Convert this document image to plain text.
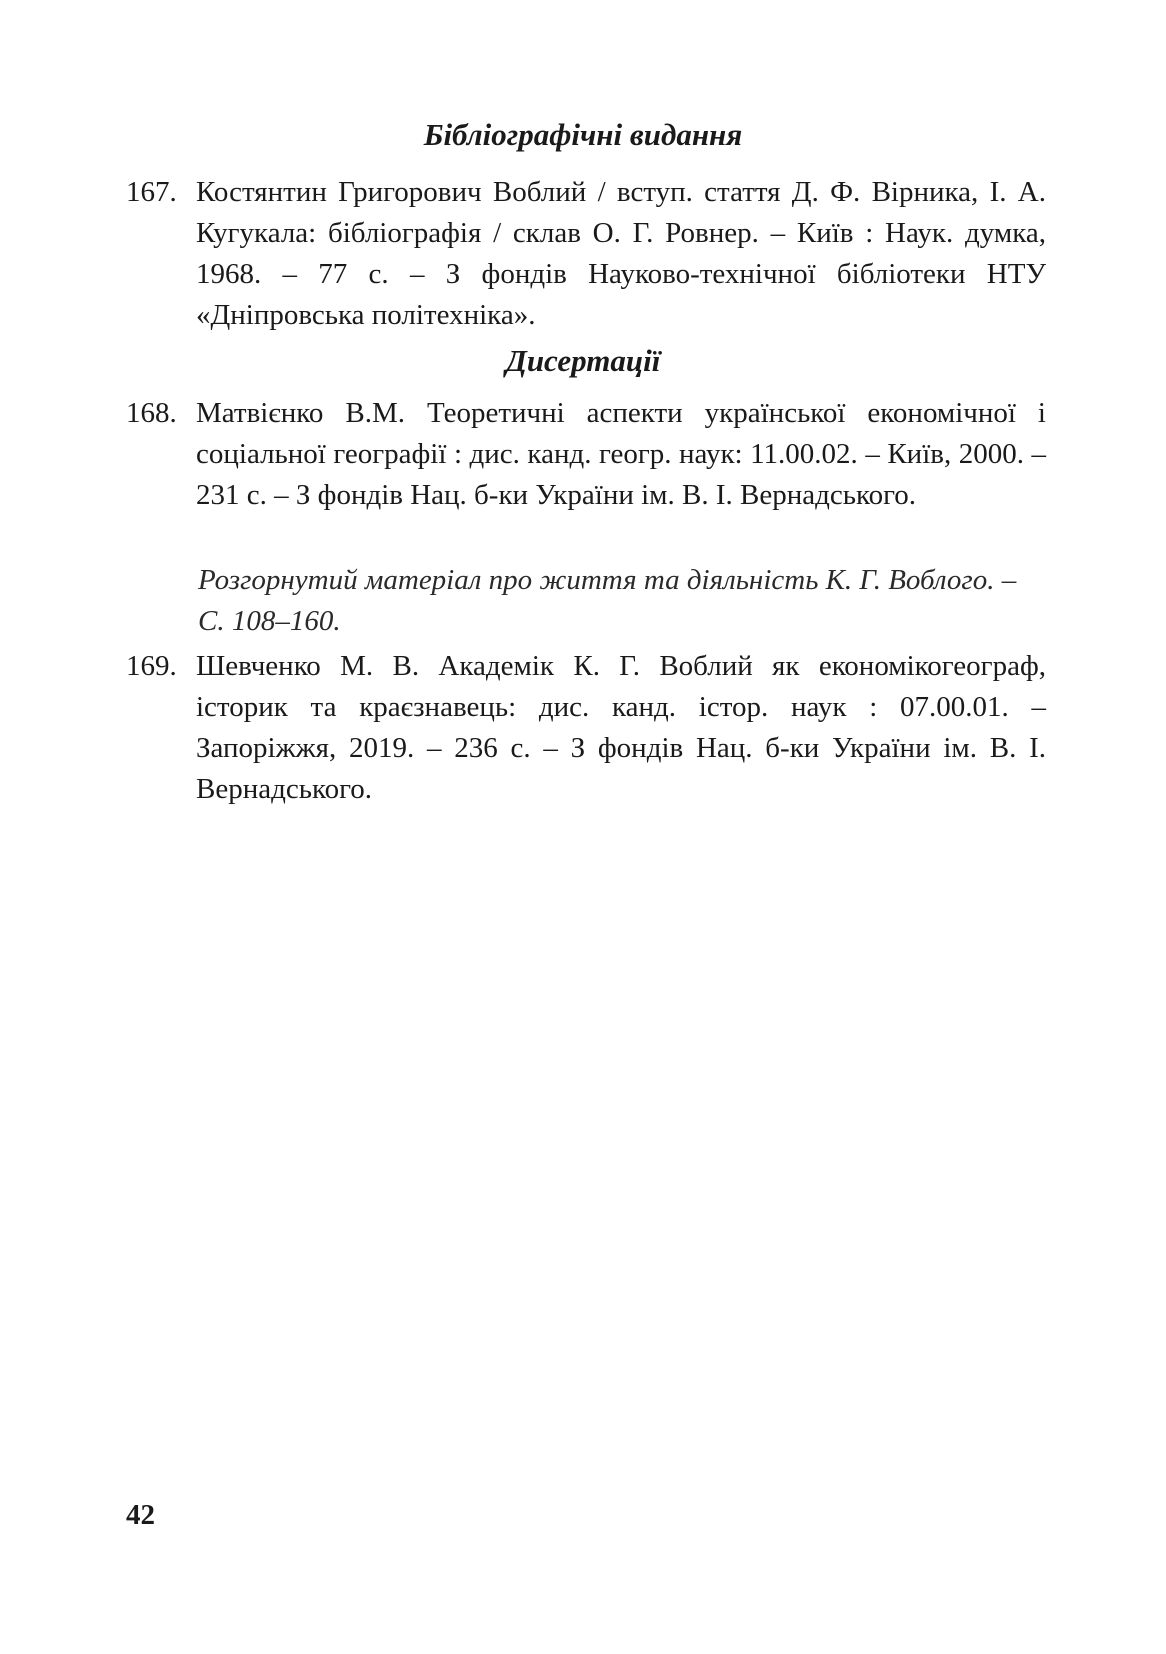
Бібліографічні видання
167. Костянтин Григорович Воблий / вступ. стаття Д. Ф. Вірника, І. А. Кугукала: бібліографія / склав О. Г. Ровнер. – Київ : Наук. думка, 1968. – 77 с. – З фондів Науково-технічної бібліотеки НТУ «Дніпровська політехніка».
Дисертації
168. Матвієнко В.М. Теоретичні аспекти української економічної і соціальної географії : дис. канд. геогр. наук: 11.00.02. – Київ, 2000. – 231 с. – З фондів Нац. б-ки України ім. В. І. Вернадського.
Розгорнутий матеріал про життя та діяльність К. Г. Воблого. – С. 108–160.
169. Шевченко М. В. Академік К. Г. Воблий як економікогеограф, історик та краєзнавець: дис. канд. істор. наук : 07.00.01. – Запоріжжя, 2019. – 236 с. – З фондів Нац. б-ки України ім. В. І. Вернадського.
42
